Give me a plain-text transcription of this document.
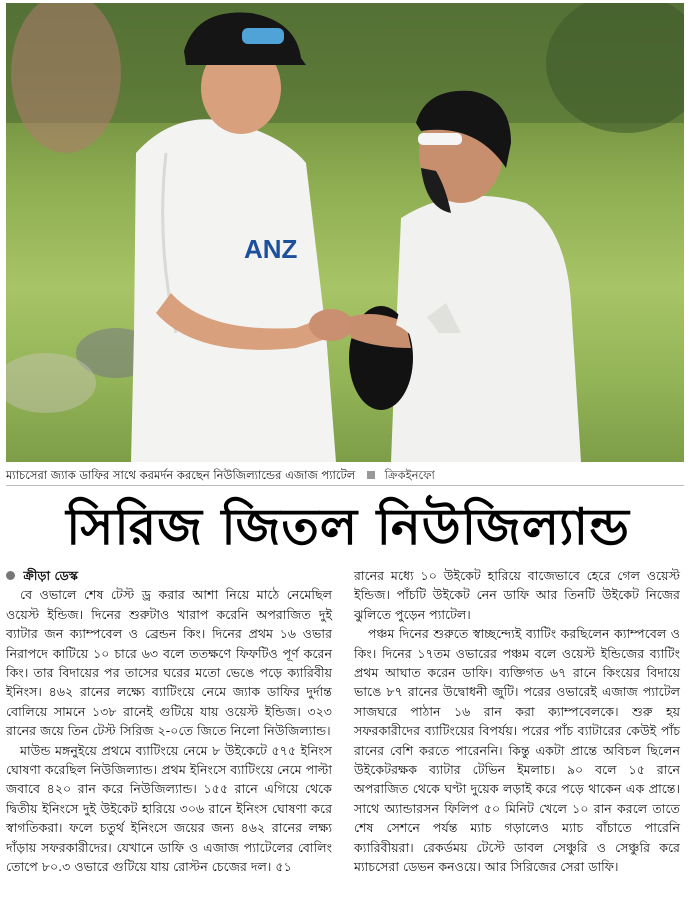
ANZ
ম্যাচসেরা জ্যাক ডাফির সাথে করমর্দন করছেন নিউজিল্যান্ডের এজাজ প্যাটেল	ক্রিকইনফো
সিরিজ জিতল নিউজিল্যান্ড
ক্রীড়া ডেস্ক

বে ওভালে শেষ টেস্ট ড্র করার আশা নিয়ে মাঠে নেমেছিল ওয়েস্ট ইন্ডিজ। দিনের শুরুটাও খারাপ করেনি অপরাজিত দুই ব্যাটার জন ক্যাম্পবেল ও ব্রেন্ডন কিং। দিনের প্রথম ১৬ ওভার নিরাপদে কাটিয়ে ১০ চারে ৬৩ বলে ততক্ষণে ফিফটিও পূর্ণ করেন কিং। তার বিদায়ের পর তাসের ঘরের মতো ভেঙে পড়ে ক্যারিবীয় ইনিংস। ৪৬২ রানের লক্ষ্যে ব্যাটিংয়ে নেমে জ্যাক ডাফির দুর্দান্ত বোলিয়ে সামনে ১৩৮ রানেই গুটিয়ে যায় ওয়েস্ট ইন্ডিজ। ৩২৩ রানের জয়ে তিন টেস্ট সিরিজ ২-০তে জিতে নিলো নিউজিল্যান্ড।

মাউন্ড মঙ্গনুইয়ে প্রথমে ব্যাটিংয়ে নেমে ৮ উইকেটে ৫৭৫ ইনিংস ঘোষণা করেছিল নিউজিল্যান্ড। প্রথম ইনিংসে ব্যাটিংয়ে নেমে পাল্টা জবাবে ৪২০ রান করে নিউজিল্যান্ড। ১৫৫ রানে এগিয়ে থেকে দ্বিতীয় ইনিংসে দুই উইকেট হারিয়ে ৩০৬ রানে ইনিংস ঘোষণা করে স্বাগতিকরা। ফলে চতুর্থ ইনিংসে জয়ের জন্য ৪৬২ রানের লক্ষ্য দাঁড়ায় সফরকারীদের। যেখানে ডাফি ও এজাজ প্যাটেলের বোলিং তোপে ৮০.৩ ওভারে গুটিয়ে যায় রোস্টন চেজের দল। ৫১

রানের মধ্যে ১০ উইকেট হারিয়ে বাজেভাবে হেরে গেল ওয়েস্ট ইন্ডিজ। পাঁচটি উইকেট নেন ডাফি আর তিনটি উইকেট নিজের ঝুলিতে পুড়েন প্যাটেল।

পঞ্চম দিনের শুরুতে স্বাচ্ছন্দ্যেই ব্যাটিং করছিলেন ক্যাম্পবেল ও কিং। দিনের ১৭তম ওভারের পঞ্চম বলে ওয়েস্ট ইন্ডিজের ব্যাটিং প্রথম আঘাত করেন ডাফি। ব্যক্তিগত ৬৭ রানে কিংয়ের বিদায়ে ভাঙে ৮৭ রানের উদ্বোধনী জুটি। পরের ওভারেই এজাজ প্যাটেল সাজঘরে পাঠান ১৬ রান করা ক্যাম্পবেলকে। শুরু হয় সফরকারীদের ব্যাটিংয়ের বিপর্যয়। পরের পাঁচ ব্যাটারের কেউই পাঁচ রানের বেশি করতে পারেননি। কিন্তু একটা প্রান্তে অবিচল ছিলেন উইকেটরক্ষক ব্যাটার টেভিন ইমলাচ। ৯০ বলে ১৫ রানে অপরাজিত থেকে ঘণ্টা দুয়েক লড়াই করে পড়ে থাকেন এক প্রান্তে। সাথে অ্যান্ডারসন ফিলিপ ৫০ মিনিট খেলে ১০ রান করলে তাতে শেষ সেশনে পর্যন্ত ম্যাচ গড়ালেও ম্যাচ বাঁচাতে পারেনি ক্যারিবীয়রা। রেকর্ডময় টেস্টে ডাবল সেঞ্চুরি ও সেঞ্চুরি করে ম্যাচসেরা ডেভন কনওয়ে। আর সিরিজের সেরা ডাফি।
